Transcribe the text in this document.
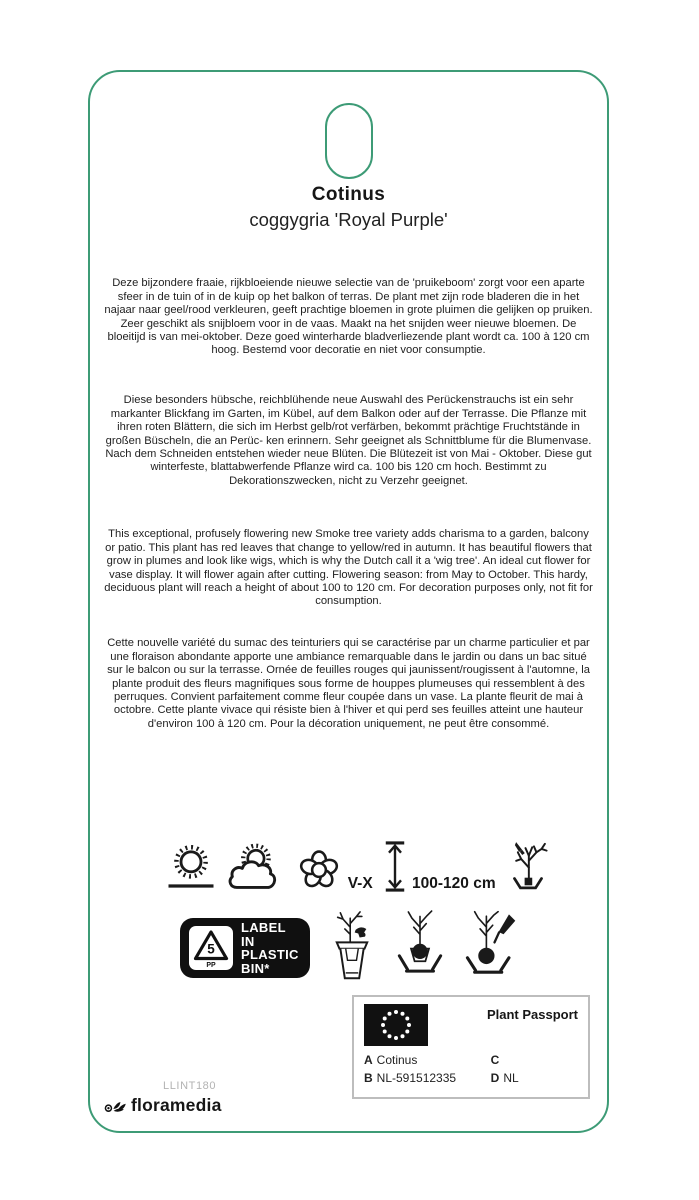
Cotinus
coggygria 'Royal Purple'

Deze bijzondere fraaie, rijkbloeiende nieuwe selectie van de 'pruikeboom' zorgt voor een aparte sfeer in de tuin of in de kuip op het balkon of terras. De plant met zijn rode bladeren die in het najaar naar geel/rood verkleuren, geeft prachtige bloemen in grote pluimen die gelijken op pruiken. Zeer geschikt als snijbloem voor in de vaas. Maakt na het snijden weer nieuwe bloemen. De bloeitijd is van mei-oktober. Deze goed winterharde bladverliezende plant wordt ca. 100 à 120 cm hoog. Bestemd voor decoratie en niet voor consumptie.

Diese besonders hübsche, reichblühende neue Auswahl des Perückenstrauchs ist ein sehr markanter Blickfang im Garten, im Kübel, auf dem Balkon oder auf der Terrasse. Die Pflanze mit ihren roten Blättern, die sich im Herbst gelb/rot verfärben, bekommt prächtige Fruchtstände in großen Büscheln, die an Perüc- ken erinnern. Sehr geeignet als Schnittblume für die Blumenvase. Nach dem Schneiden entstehen wieder neue Blüten. Die Blütezeit ist von Mai - Oktober. Diese gut winterfeste, blattabwerfende Pflanze wird ca. 100 bis 120 cm hoch. Bestimmt zu Dekorationszwecken, nicht zu Verzehr geeignet.

This exceptional, profusely flowering new Smoke tree variety adds charisma to a garden, balcony or patio. This plant has red leaves that change to yellow/red in autumn. It has beautiful flowers that grow in plumes and look like wigs, which is why the Dutch call it a 'wig tree'. An ideal cut flower for vase display. It will flower again after cutting. Flowering season: from May to October. This hardy, deciduous plant will reach a height of about 100 to 120 cm. For decoration purposes only, not fit for consumption.

Cette nouvelle variété du sumac des teinturiers qui se caractérise par un charme particulier et par une floraison abondante apporte une ambiance remarquable dans le jardin ou dans un bac situé sur le balcon ou sur la terrasse. Ornée de feuilles rouges qui jaunissent/rougissent à l'automne, la plante produit des fleurs magnifiques sous forme de houppes plumeuses qui ressemblent à des perruques. Convient parfaitement comme fleur coupée dans un vase. La plante fleurit de mai à octobre. Cette plante vivace qui résiste bien à l'hiver et qui perd ses feuilles atteint une hauteur d'environ 100 à 120 cm. Pour la décoration uniquement, ne peut être consommé.

V-X	100-120 cm
5
PP
LABEL IN
PLASTIC
BIN*
Plant Passport
A Cotinus	C
B NL-591512335	D NL
LLINT180
floramedia
